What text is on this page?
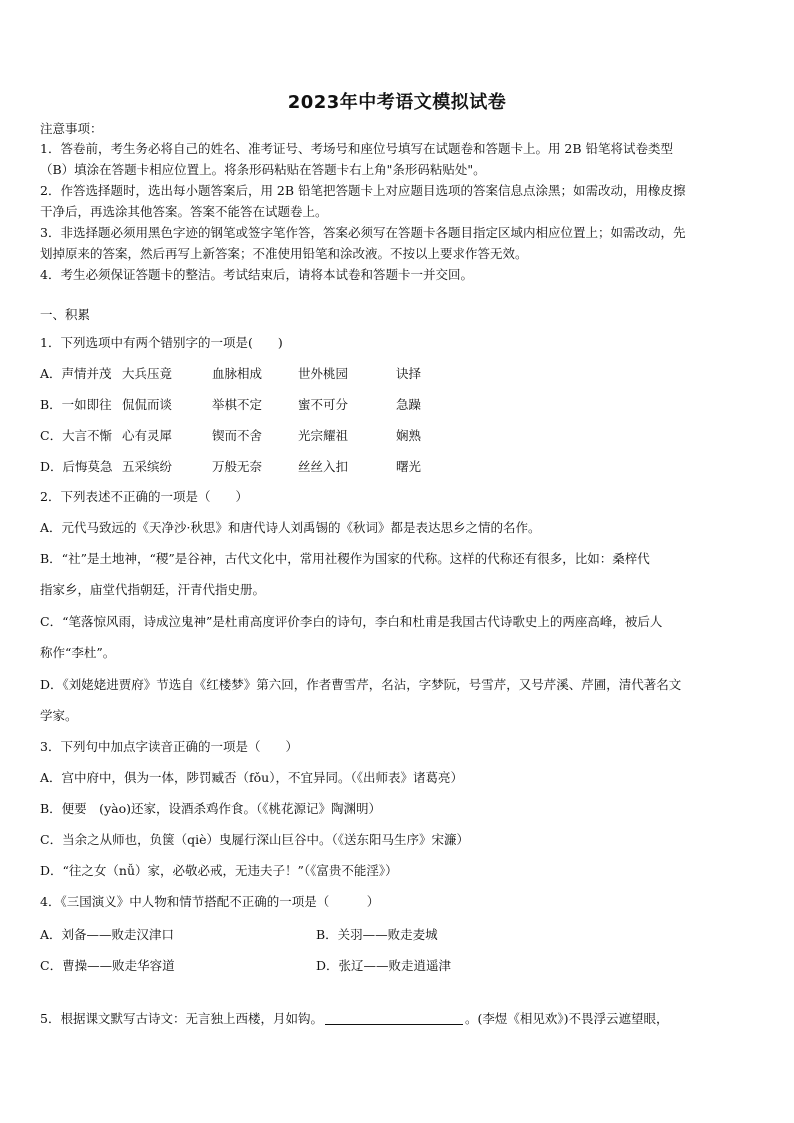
2023年中考语文模拟试卷
注意事项：
1．答卷前，考生务必将自己的姓名、准考证号、考场号和座位号填写在试题卷和答题卡上。用 2B 铅笔将试卷类型
（B）填涂在答题卡相应位置上。将条形码粘贴在答题卡右上角"条形码粘贴处"。
2．作答选择题时，选出每小题答案后，用 2B 铅笔把答题卡上对应题目选项的答案信息点涂黑；如需改动，用橡皮擦
干净后，再选涂其他答案。答案不能答在试题卷上。
3．非选择题必须用黑色字迹的钢笔或签字笔作答，答案必须写在答题卡各题目指定区域内相应位置上；如需改动，先
划掉原来的答案，然后再写上新答案；不准使用铅笔和涂改液。不按以上要求作答无效。
4．考生必须保证答题卡的整洁。考试结束后，请将本试卷和答题卡一并交回。
一、积累
1．下列选项中有两个错别字的一项是(　　)
A．声情并茂 大兵压竟	血脉相成	世外桃园	诀择
B．一如即往 侃侃而谈	举棋不定	蜜不可分	急躁
C．大言不惭 心有灵犀	锲而不舍	光宗耀祖	娴熟
D．后悔莫急 五采缤纷	万般无奈	丝丝入扣	曙光
2．下列表述不正确的一项是（　　）
A．元代马致远的《天净沙·秋思》和唐代诗人刘禹锡的《秋词》都是表达思乡之情的名作。
B．“社”是土地神，“稷”是谷神，古代文化中，常用社稷作为国家的代称。这样的代称还有很多，比如：桑梓代
指家乡，庙堂代指朝廷，汗青代指史册。
C．“笔落惊风雨，诗成泣鬼神”是杜甫高度评价李白的诗句，李白和杜甫是我国古代诗歌史上的两座高峰，被后人
称作“李杜”。
D．《刘姥姥进贾府》节选自《红楼梦》第六回，作者曹雪芹，名沾，字梦阮，号雪芹，又号芹溪、芹圃，清代著名文
学家。
3．下列句中加点字读音正确的一项是（　　）
A．宫中府中，俱为一体，陟罚臧否（fǒu），不宜异同。（《出师表》诸葛亮）
B．便要　(yào)还家，设酒杀鸡作食。（《桃花源记》陶渊明）
C．当余之从师也，负箧（qiè）曳屣行深山巨谷中。（《送东阳马生序》宋濂）
D．“往之女（nǚ）家，必敬必戒，无违夫子！”（《富贵不能淫》）
4．《三国演义》中人物和情节搭配不正确的一项是（　　　）
A．刘备——败走汉津口	B．关羽——败走麦城
C．曹操——败走华容道	D．张辽——败走逍遥津
5．根据课文默写古诗文：无言独上西楼，月如钩。	。(李煜《相见欢》)不畏浮云遮望眼，
